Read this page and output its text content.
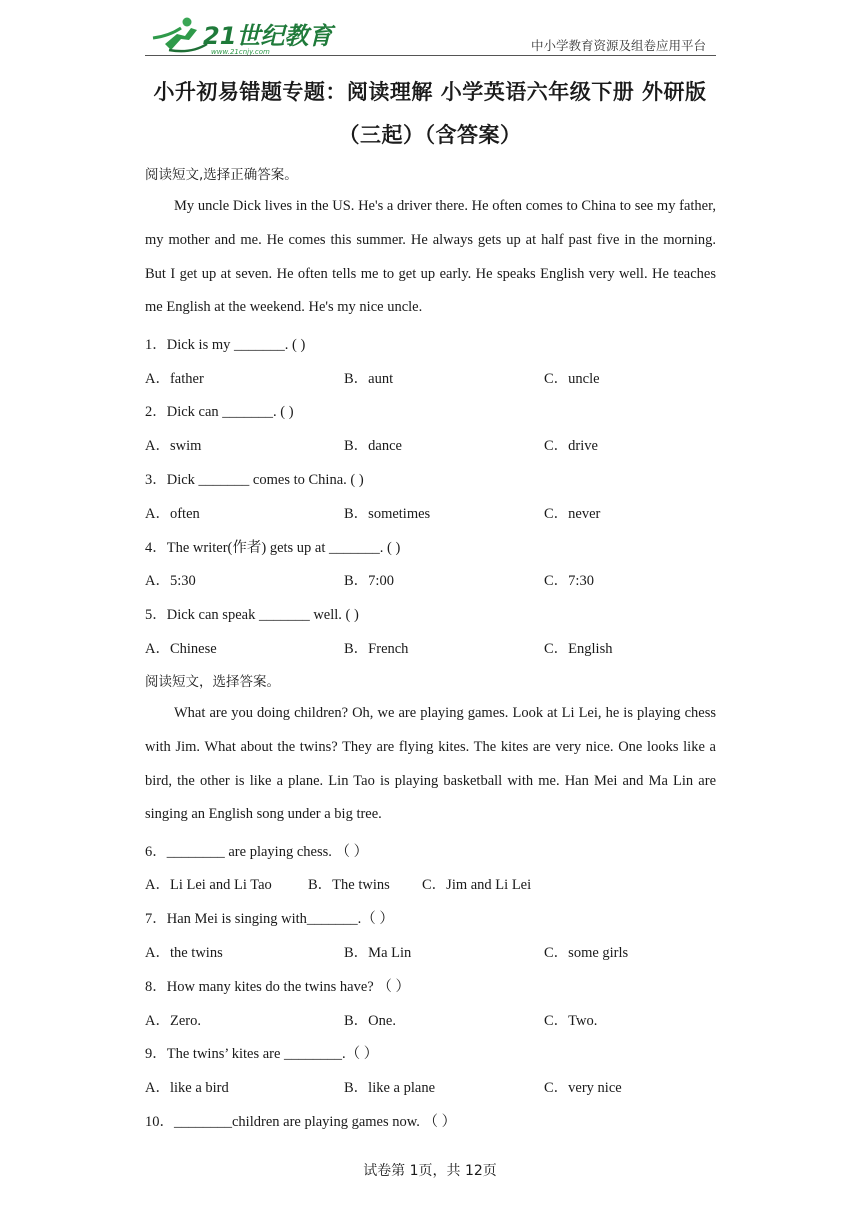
21世纪教育
www.21cnjy.com	中小学教育资源及组卷应用平台
小升初易错题专题：阅读理解 小学英语六年级下册 外研版
（三起）（含答案）
阅读短文,选择正确答案。
My uncle Dick lives in the US. He's a driver there. He often comes to China to see my father, my mother and me. He comes this summer. He always gets up at half past five in the morning. But I get up at seven. He often tells me to get up early. He speaks English very well. He teaches me English at the weekend. He's my nice uncle.
1．Dick is my _______. ( )
A．father	B．aunt	C．uncle
2．Dick can _______. ( )
A．swim	B．dance	C．drive
3．Dick _______ comes to China. ( )
A．often	B．sometimes	C．never
4．The writer(作者) gets up at _______. ( )
A．5:30	B．7:00	C．7:30
5．Dick can speak _______ well. ( )
A．Chinese	B．French	C．English
阅读短文，选择答案。
What are you doing children? Oh, we are playing games. Look at Li Lei, he is playing chess with Jim. What about the twins? They are flying kites. The kites are very nice. One looks like a bird, the other is like a plane. Lin Tao is playing basketball with me. Han Mei and Ma Lin are singing an English song under a big tree.
6．________ are playing chess. （ ）
A．Li Lei and Li Tao B．The twins C．Jim and Li Lei
7．Han Mei is singing with_______.（ ）
A．the twins	B．Ma Lin	C．some girls
8．How many kites do the twins have? （ ）
A．Zero.	B．One.	C．Two.
9．The twins’ kites are ________.（ ）
A．like a bird	B．like a plane	C．very nice
10．________children are playing games now. （ ）
试卷第 1页，共 12页
